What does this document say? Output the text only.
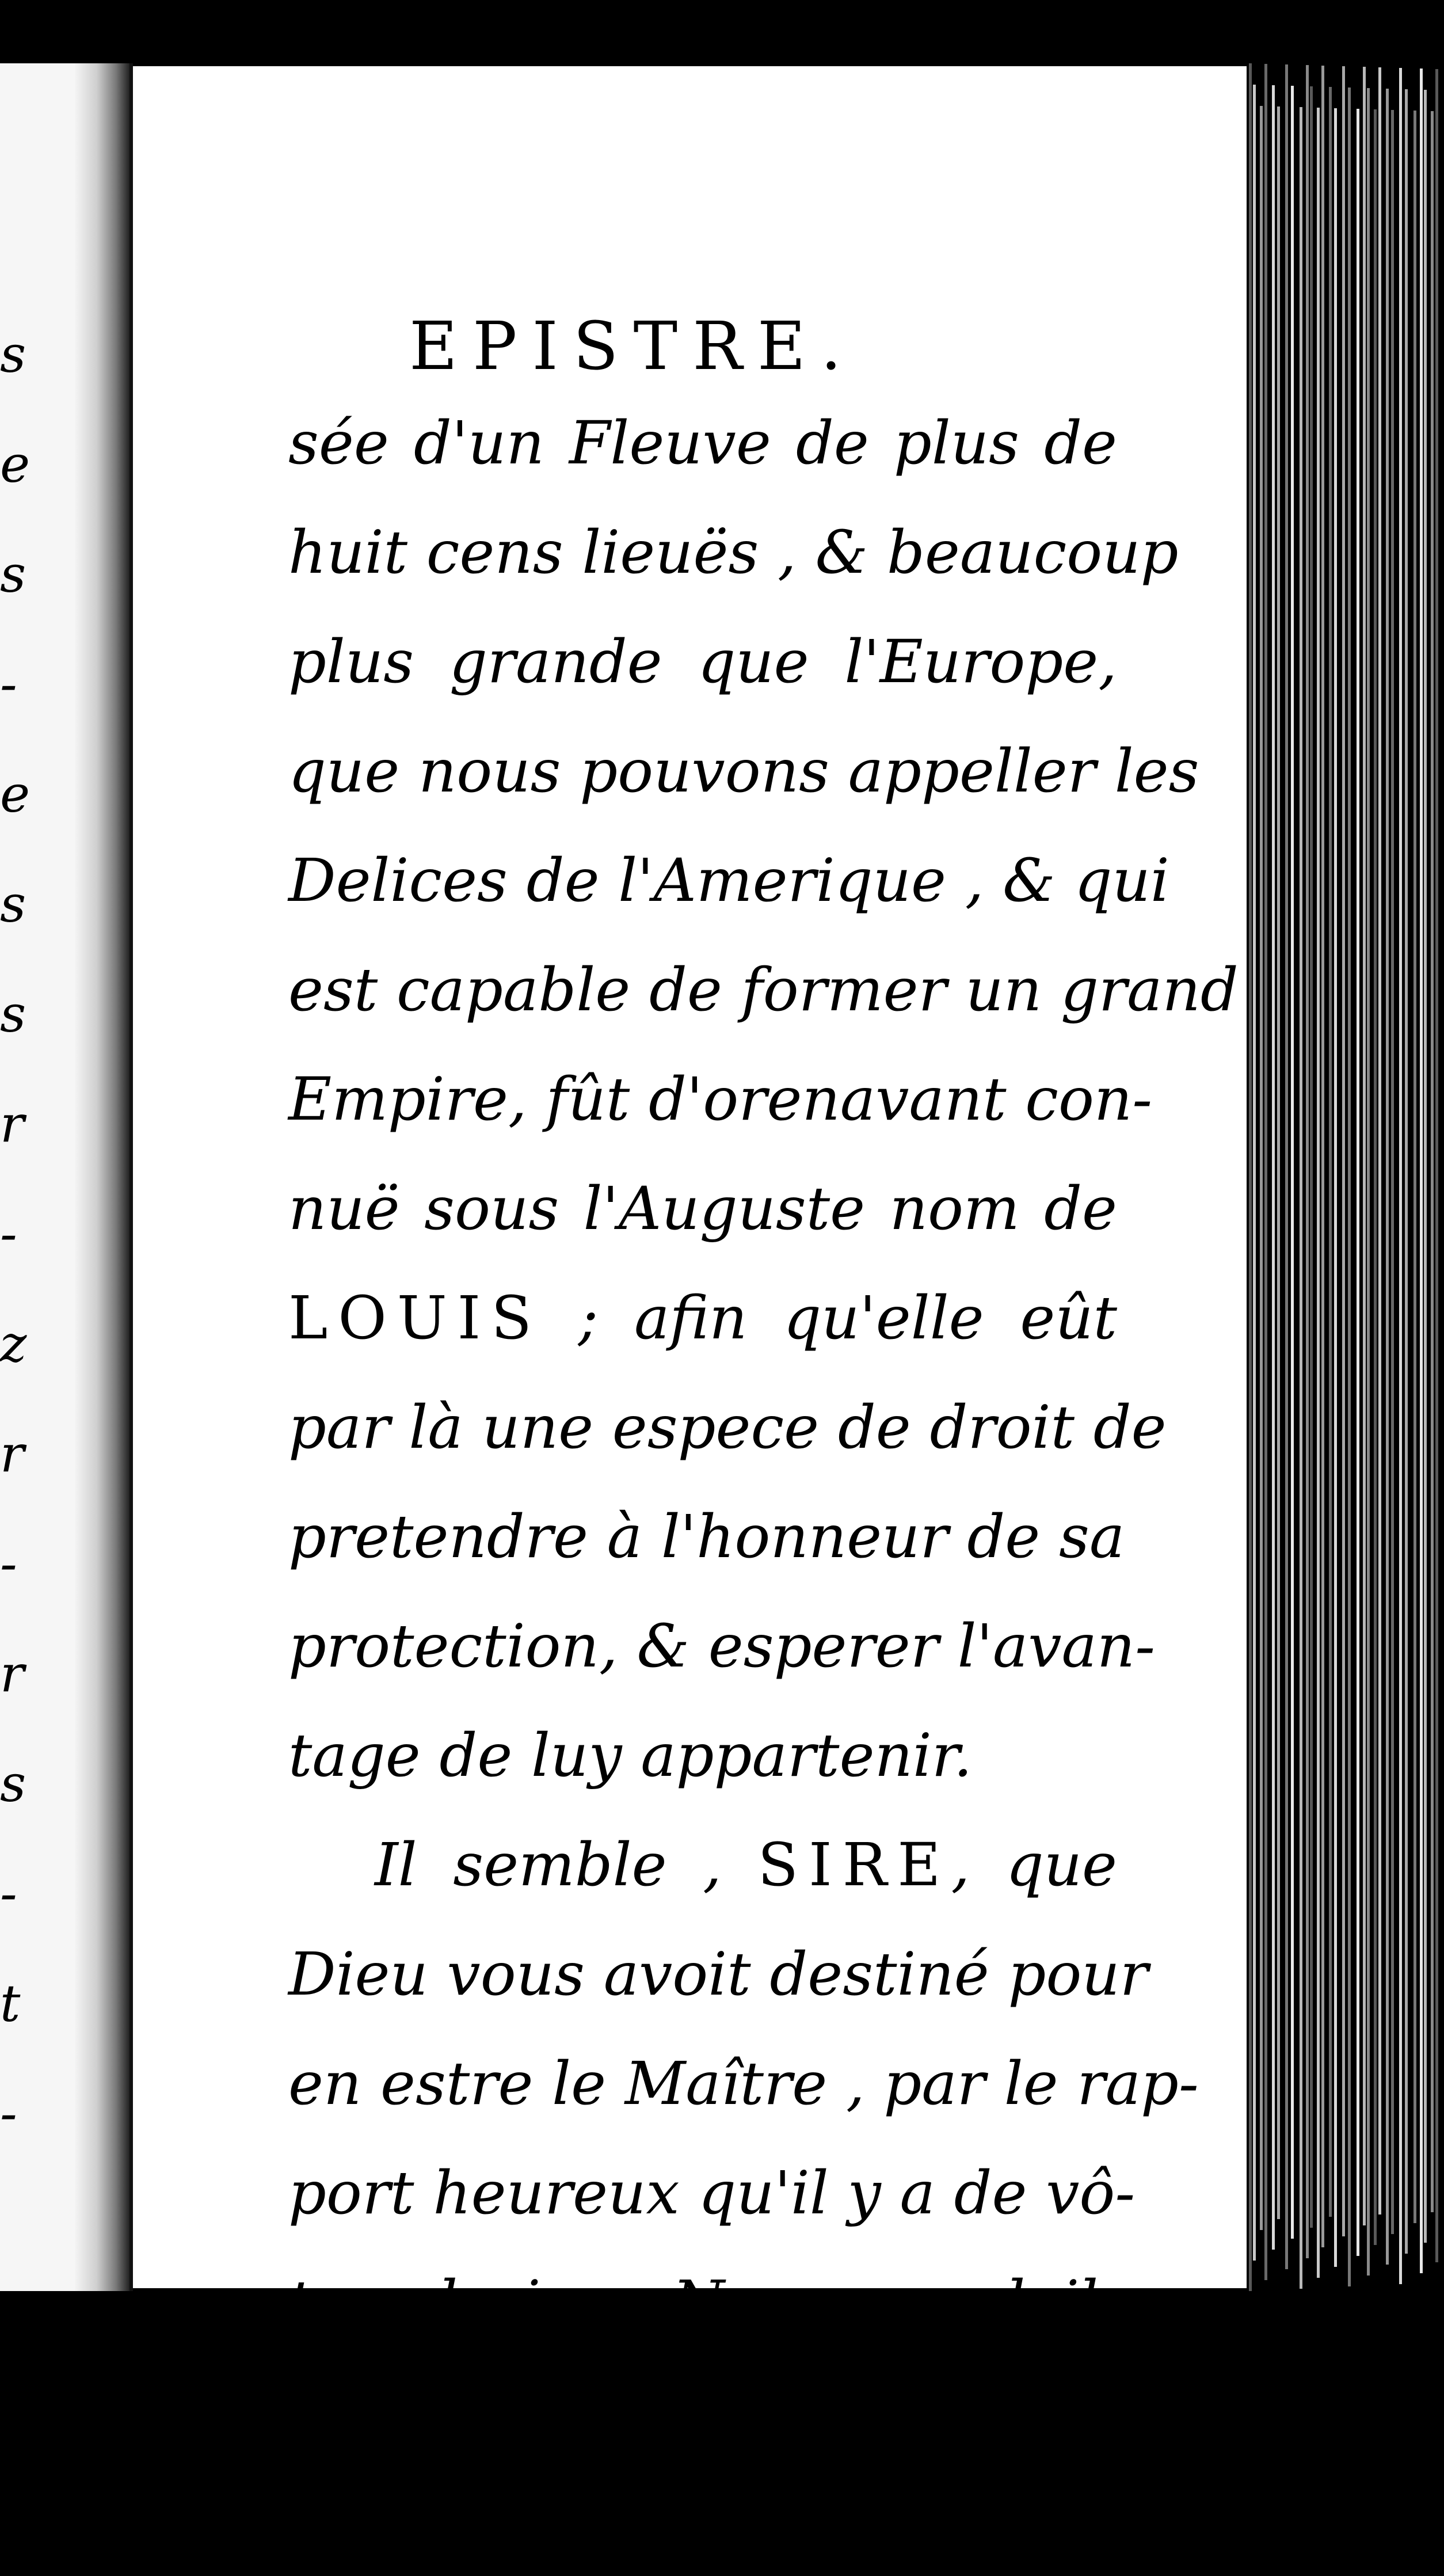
s
e
s
-
e
s
s
r
-
z
r
-
r
s
-
t
-
EPISTRE.
sée d'un Fleuve de plus de
huit cens lieuës , & beaucoup
plus grande que l'Europe,
que nous pouvons appeller les
Delices de l'Amerique , & qui
est capable de former un grand
Empire, fût d'orenavant con-
nuë sous l'Auguste nom de
LOUIS ; afin qu'elle eût
par là une espece de droit de
pretendre à l'honneur de sa
protection, & esperer l'avan-
tage de luy appartenir.
Il semble , SIRE, que
Dieu vous avoit destiné pour
en estre le Maître , par le rap-
port heureux qu'il y a de vô-
qu'ils appellent en leur lan-
gue Louis, & au quel , pour
